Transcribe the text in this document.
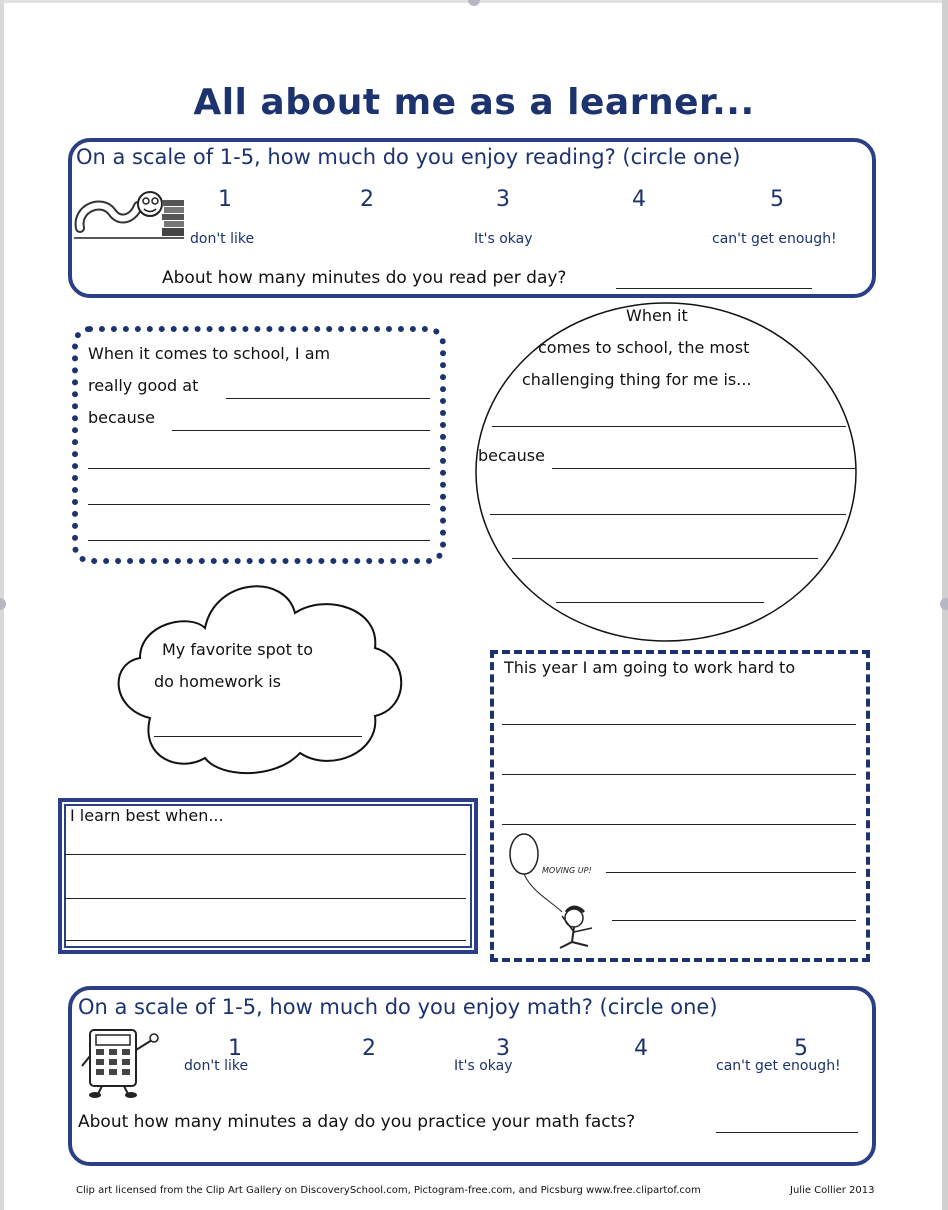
All about me as a learner...
On a scale of 1-5, how much do you enjoy reading? (circle one)
1	2	3	4	5
don't like	It's okay	can't get enough!
About how many minutes do you read per day?
When it comes to school, I am
really good at
because
When it
comes to school, the most
challenging thing for me is...
because
My favorite spot to
do homework is
This year I am going to work hard to
MOVING UP!
I learn best when...
On a scale of 1-5, how much do you enjoy math? (circle one)
1	2	3	4	5
don't like	It's okay	can't get enough!
About how many minutes a day do you practice your math facts?
Clip art licensed from the Clip Art Gallery on DiscoverySchool.com, Pictogram-free.com, and Picsburg www.free.clipartof.com	Julie Collier 2013
